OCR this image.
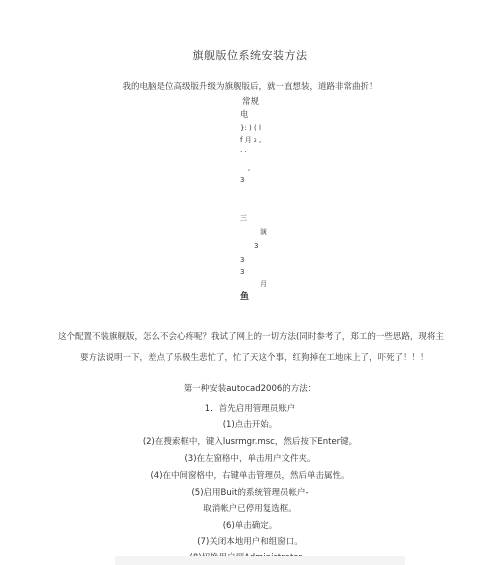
旗舰版位系统安装方法
我的电脑是位高级版升级为旗舰版后，就一直想装，道路非常曲折！
常规
电
}: ) ( l
f 月 ₂ ,
· ·
'
3
三
演
3
3
3
月
鱼
这个配置不装旗舰版，怎么不会心疼呢？我试了网上的一切方法(同时参考了，郑工的一些思路，现将主
要方法说明一下，差点了乐极生悲忙了，忙了天这个事，红狗掉在工地床上了，吓死了！！！
第一种安装autocad2006的方法：
1．首先启用管理员账户
(1)点击开始。
(2)在搜索框中，键入lusrmgr.msc，然后按下Enter键。
(3)在左窗格中，单击用户文件夹。
(4)在中间窗格中，右键单击管理员，然后单击属性。
(5)启用Buit的系统管理员帐户-
取消帐户已停用复选框。
(6)单击确定。
(7)关闭本地用户和组窗口。
